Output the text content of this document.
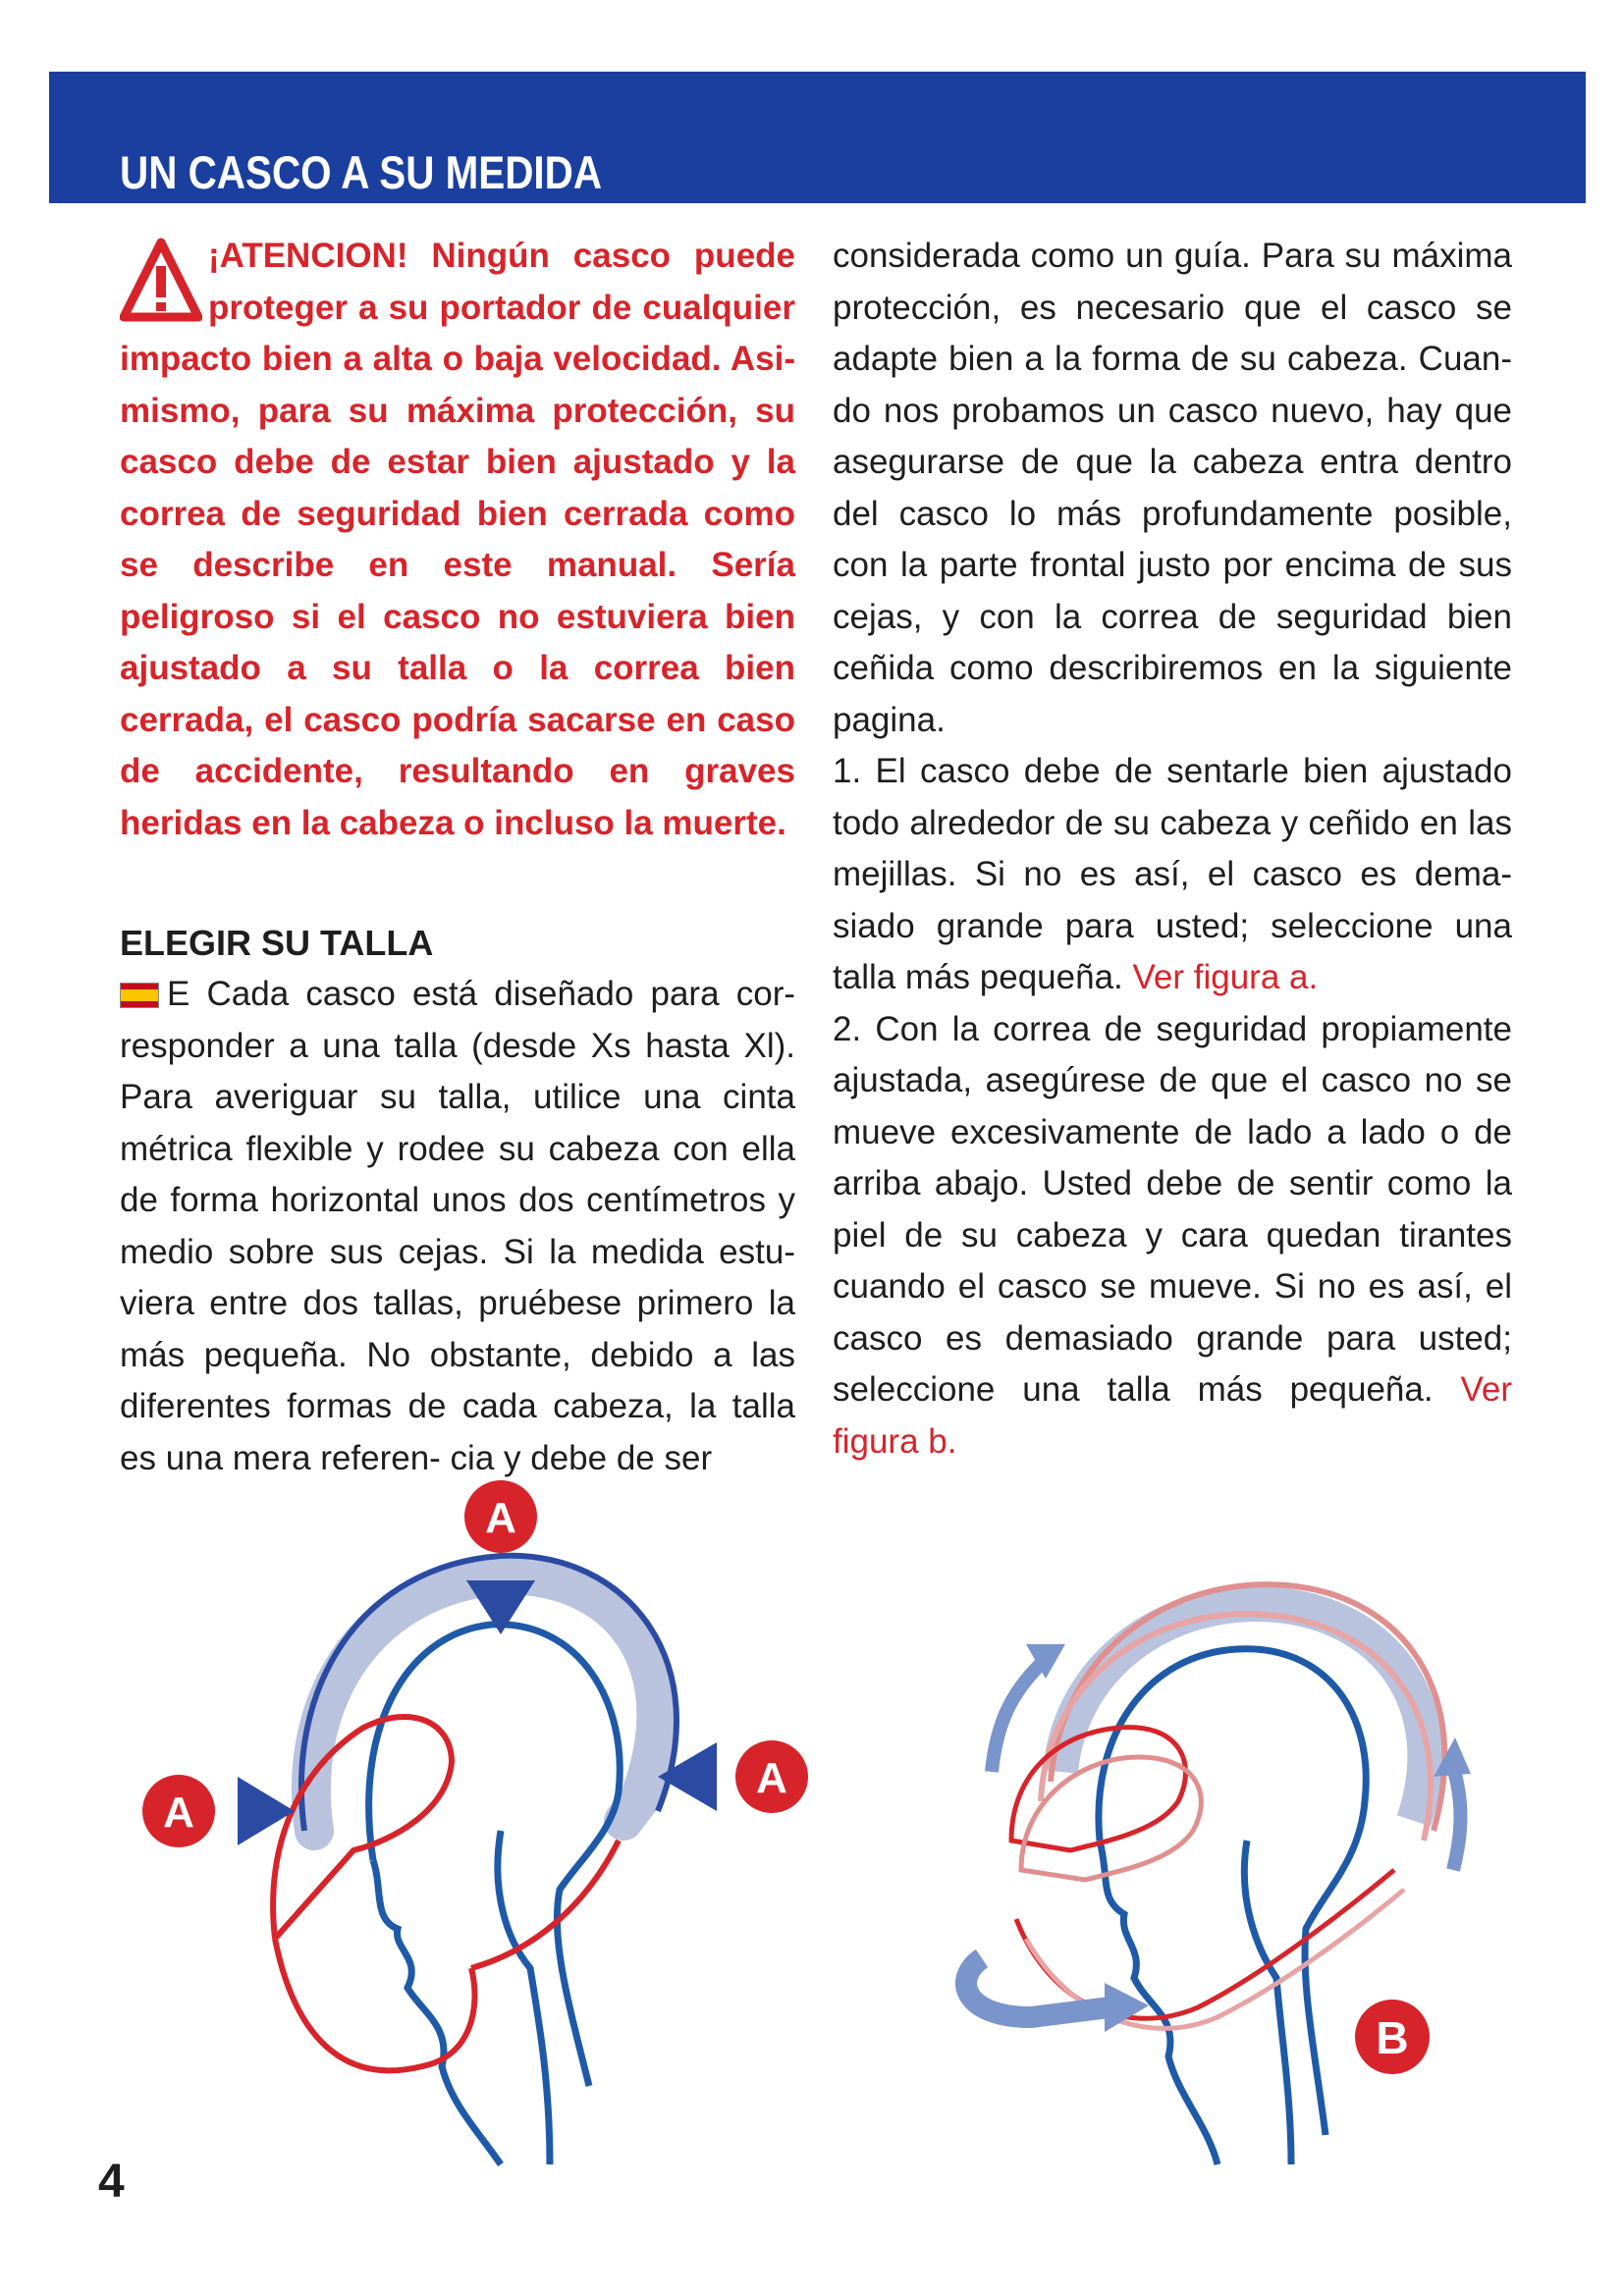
UN CASCO A SU MEDIDA

¡ATENCION! Ningún casco puede proteger a su portador de cualquier impacto bien a alta o baja velocidad. Asimismo, para su máxima protección, su casco debe de estar bien ajustado y la correa de seguridad bien cerrada como se describe en este manual. Sería peligroso si el casco no estuviera bien ajustado a su talla o la correa bien cerrada, el casco podría sacarse en caso de accidente, resultando en graves heridas en la cabeza o incluso la muerte.

ELEGIR SU TALLA

E Cada casco está diseñado para corresponder a una talla (desde Xs hasta Xl). Para averiguar su talla, utilice una cinta métrica flexible y rodee su cabeza con ella de forma horizontal unos dos centímetros y medio sobre sus cejas. Si la medida estuviera entre dos tallas, pruébese primero la más pequeña. No obstante, debido a las diferentes formas de cada cabeza, la talla es una mera referen- cia y debe de ser

considerada como un guía. Para su máxima protección, es necesario que el casco se adapte bien a la forma de su cabeza. Cuando nos probamos un casco nuevo, hay que asegurarse de que la cabeza entra dentro del casco lo más profundamente posible, con la parte frontal justo por encima de sus cejas, y con la correa de seguridad bien ceñida como describiremos en la siguiente pagina.

1. El casco debe de sentarle bien ajustado todo alrededor de su cabeza y ceñido en las mejillas. Si no es así, el casco es demasiado grande para usted; seleccione una talla más pequeña. Ver figura a.

2. Con la correa de seguridad propiamente ajustada, asegúrese de que el casco no se mueve excesivamente de lado a lado o de arriba abajo. Usted debe de sentir como la piel de su cabeza y cara quedan tirantes cuando el casco se mueve. Si no es así, el casco es demasiado grande para usted; seleccione una talla más pequeña. Ver figura b.

A
A
A
B
4
